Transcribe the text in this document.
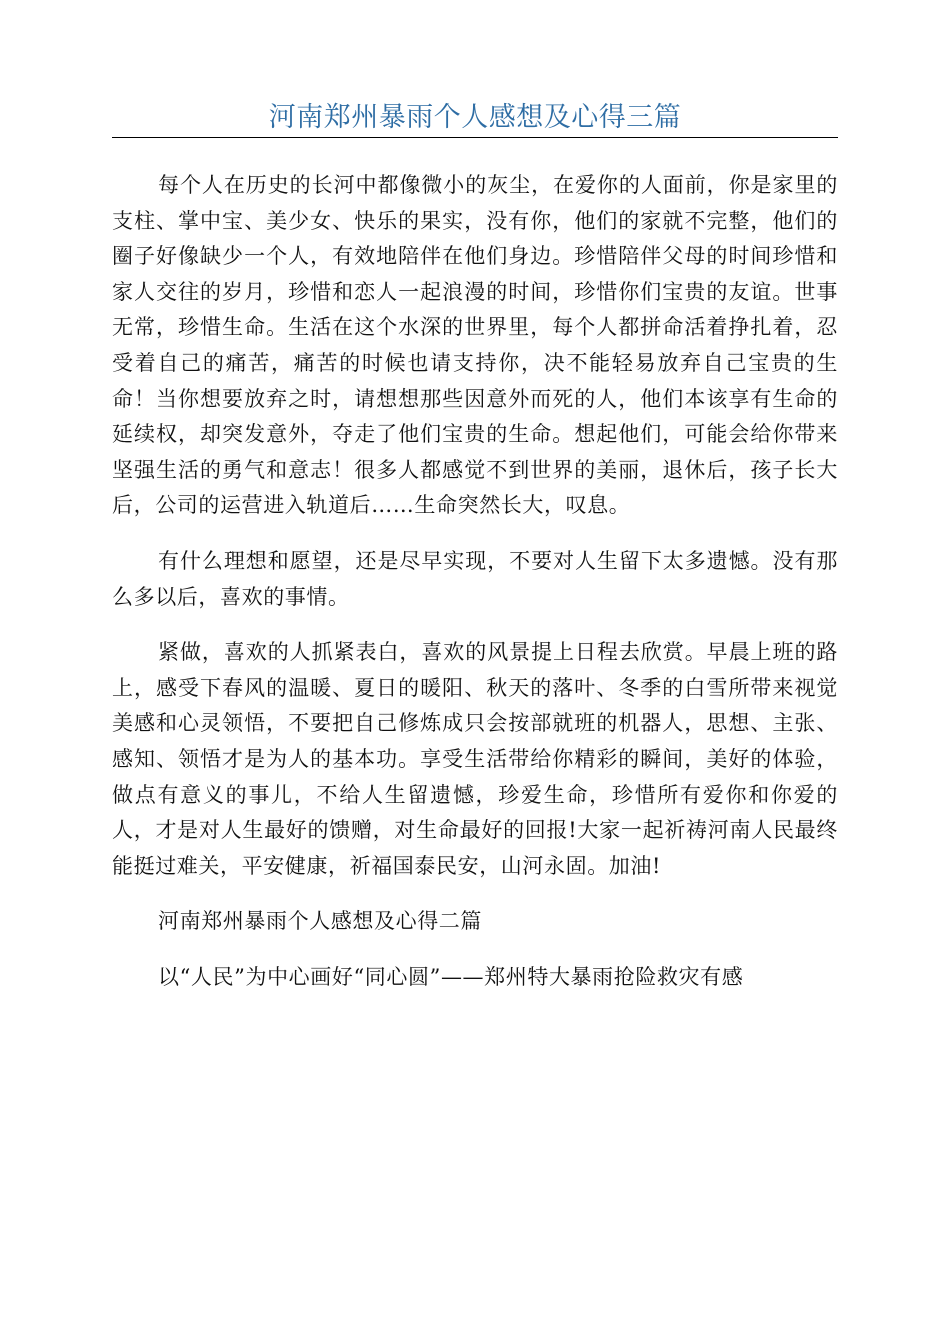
河南郑州暴雨个人感想及心得三篇

每个人在历史的长河中都像微小的灰尘，在爱你的人面前，你是家里的支柱、掌中宝、美少女、快乐的果实，没有你，他们的家就不完整，他们的圈子好像缺少一个人，有效地陪伴在他们身边。珍惜陪伴父母的时间珍惜和家人交往的岁月，珍惜和恋人一起浪漫的时间，珍惜你们宝贵的友谊。世事无常，珍惜生命。生活在这个水深的世界里，每个人都拼命活着挣扎着，忍受着自己的痛苦，痛苦的时候也请支持你，决不能轻易放弃自己宝贵的生命！当你想要放弃之时，请想想那些因意外而死的人，他们本该享有生命的延续权，却突发意外，夺走了他们宝贵的生命。想起他们，可能会给你带来坚强生活的勇气和意志！很多人都感觉不到世界的美丽，退休后，孩子长大后，公司的运营进入轨道后……生命突然长大，叹息。

有什么理想和愿望，还是尽早实现，不要对人生留下太多遗憾。没有那么多以后，喜欢的事情。

紧做，喜欢的人抓紧表白，喜欢的风景提上日程去欣赏。早晨上班的路上，感受下春风的温暖、夏日的暖阳、秋天的落叶、冬季的白雪所带来视觉美感和心灵领悟，不要把自己修炼成只会按部就班的机器人，思想、主张、感知、领悟才是为人的基本功。享受生活带给你精彩的瞬间，美好的体验，做点有意义的事儿，不给人生留遗憾，珍爱生命，珍惜所有爱你和你爱的人，才是对人生最好的馈赠，对生命最好的回报!大家一起祈祷河南人民最终能挺过难关，平安健康，祈福国泰民安，山河永固。加油!

河南郑州暴雨个人感想及心得二篇

以“人民”为中心画好“同心圆”——郑州特大暴雨抢险救灾有感
